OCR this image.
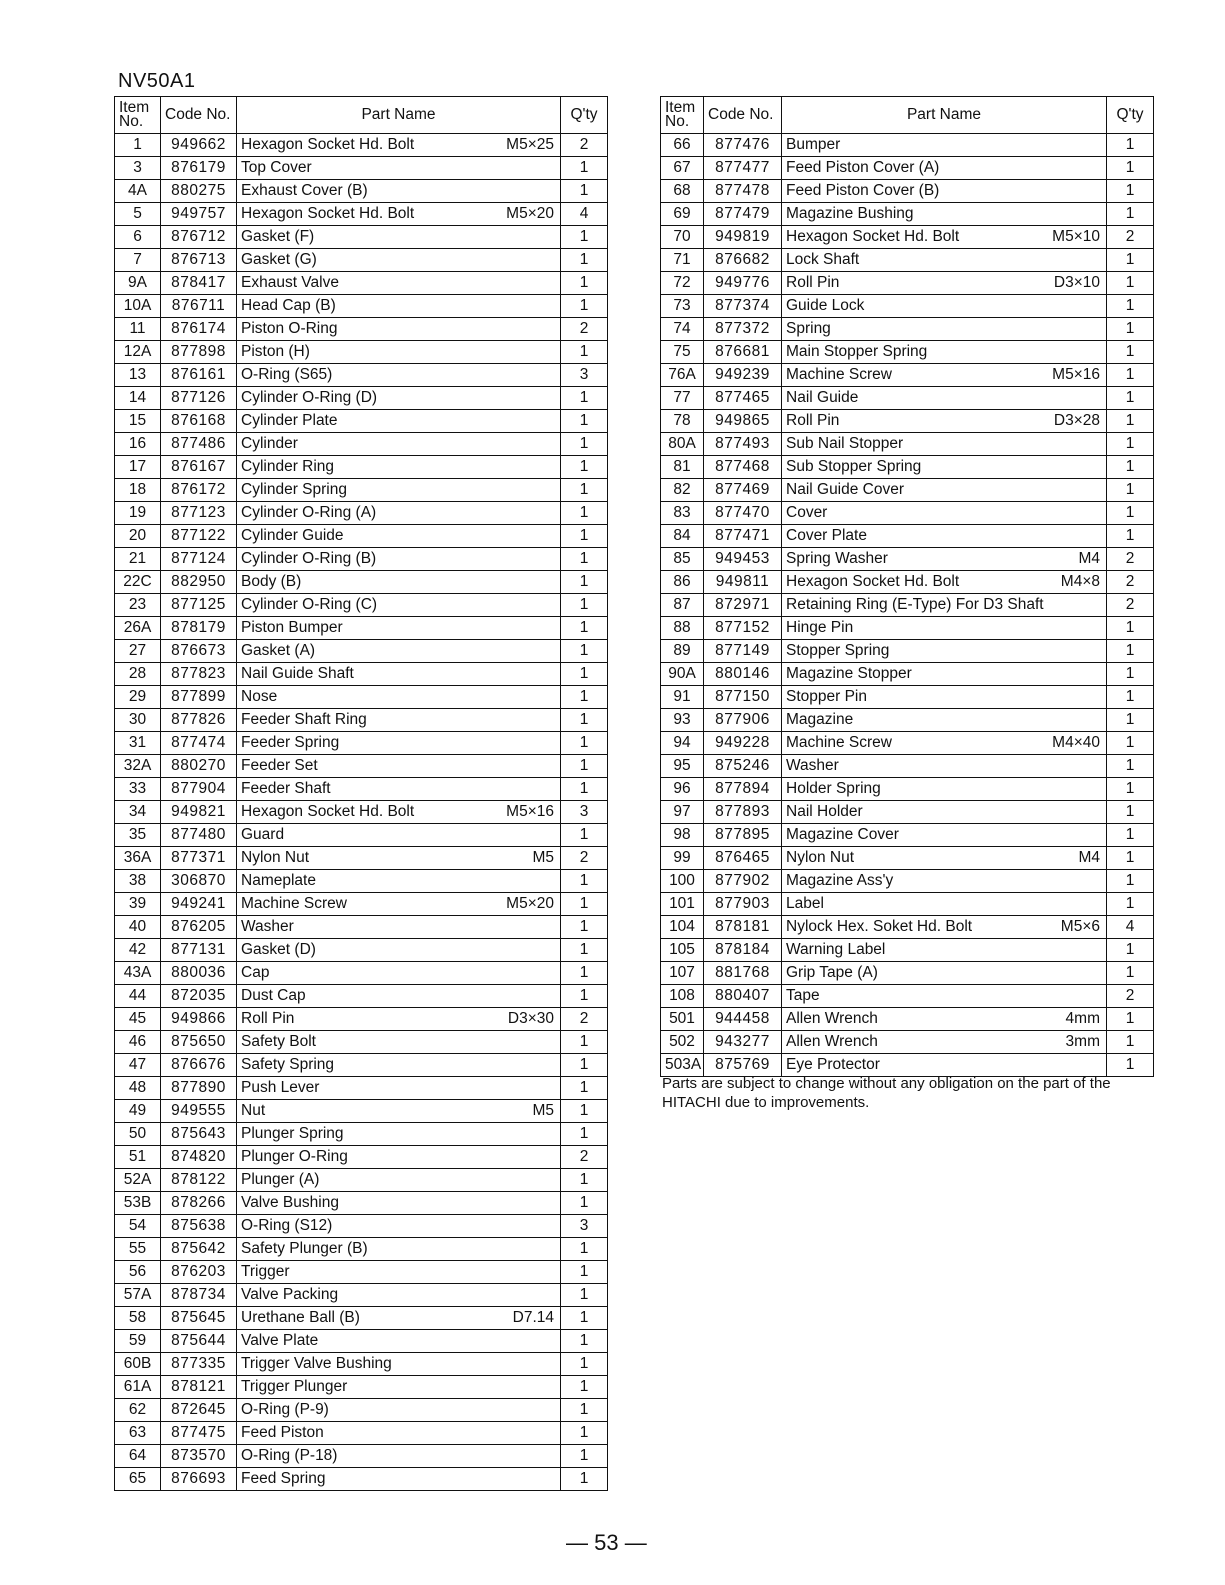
NV50A1
Item
No.	Code No.	Part Name	Q'ty
1	949662	Hexagon Socket Hd. Bolt M5×25	2
3	876179	Top Cover	1
4A	880275	Exhaust Cover (B)	1
5	949757	Hexagon Socket Hd. Bolt M5×20	4
6	876712	Gasket (F)	1
7	876713	Gasket (G)	1
9A	878417	Exhaust Valve	1
10A	876711	Head Cap (B)	1
11	876174	Piston O-Ring	2
12A	877898	Piston (H)	1
13	876161	O-Ring (S65)	3
14	877126	Cylinder O-Ring (D)	1
15	876168	Cylinder Plate	1
16	877486	Cylinder	1
17	876167	Cylinder Ring	1
18	876172	Cylinder Spring	1
19	877123	Cylinder O-Ring (A)	1
20	877122	Cylinder Guide	1
21	877124	Cylinder O-Ring (B)	1
22C	882950	Body (B)	1
23	877125	Cylinder O-Ring (C)	1
26A	878179	Piston Bumper	1
27	876673	Gasket (A)	1
28	877823	Nail Guide Shaft	1
29	877899	Nose	1
30	877826	Feeder Shaft Ring	1
31	877474	Feeder Spring	1
32A	880270	Feeder Set	1
33	877904	Feeder Shaft	1
34	949821	Hexagon Socket Hd. Bolt M5×16	3
35	877480	Guard	1
36A	877371	Nylon Nut M5	2
38	306870	Nameplate	1
39	949241	Machine Screw M5×20	1
40	876205	Washer	1
42	877131	Gasket (D)	1
43A	880036	Cap	1
44	872035	Dust Cap	1
45	949866	Roll Pin D3×30	2
46	875650	Safety Bolt	1
47	876676	Safety Spring	1
48	877890	Push Lever	1
49	949555	Nut M5	1
50	875643	Plunger Spring	1
51	874820	Plunger O-Ring	2
52A	878122	Plunger (A)	1
53B	878266	Valve Bushing	1
54	875638	O-Ring (S12)	3
55	875642	Safety Plunger (B)	1
56	876203	Trigger	1
57A	878734	Valve Packing	1
58	875645	Urethane Ball (B) D7.14	1
59	875644	Valve Plate	1
60B	877335	Trigger Valve Bushing	1
61A	878121	Trigger Plunger	1
62	872645	O-Ring (P-9)	1
63	877475	Feed Piston	1
64	873570	O-Ring (P-18)	1
65	876693	Feed Spring	1
Item
No.	Code No.	Part Name	Q'ty
66	877476	Bumper	1
67	877477	Feed Piston Cover (A)	1
68	877478	Feed Piston Cover (B)	1
69	877479	Magazine Bushing	1
70	949819	Hexagon Socket Hd. Bolt M5×10	2
71	876682	Lock Shaft	1
72	949776	Roll Pin D3×10	1
73	877374	Guide Lock	1
74	877372	Spring	1
75	876681	Main Stopper Spring	1
76A	949239	Machine Screw M5×16	1
77	877465	Nail Guide	1
78	949865	Roll Pin D3×28	1
80A	877493	Sub Nail Stopper	1
81	877468	Sub Stopper Spring	1
82	877469	Nail Guide Cover	1
83	877470	Cover	1
84	877471	Cover Plate	1
85	949453	Spring Washer M4	2
86	949811	Hexagon Socket Hd. Bolt M4×8	2
87	872971	Retaining Ring (E-Type) For D3 Shaft	2
88	877152	Hinge Pin	1
89	877149	Stopper Spring	1
90A	880146	Magazine Stopper	1
91	877150	Stopper Pin	1
93	877906	Magazine	1
94	949228	Machine Screw M4×40	1
95	875246	Washer	1
96	877894	Holder Spring	1
97	877893	Nail Holder	1
98	877895	Magazine Cover	1
99	876465	Nylon Nut M4	1
100	877902	Magazine Ass'y	1
101	877903	Label	1
104	878181	Nylock Hex. Soket Hd. Bolt M5×6	4
105	878184	Warning Label	1
107	881768	Grip Tape (A)	1
108	880407	Tape	2
501	944458	Allen Wrench 4mm	1
502	943277	Allen Wrench 3mm	1
503A	875769	Eye Protector	1
Parts are subject to change without any obligation on the part of the HITACHI due to improvements.
— 53 —
